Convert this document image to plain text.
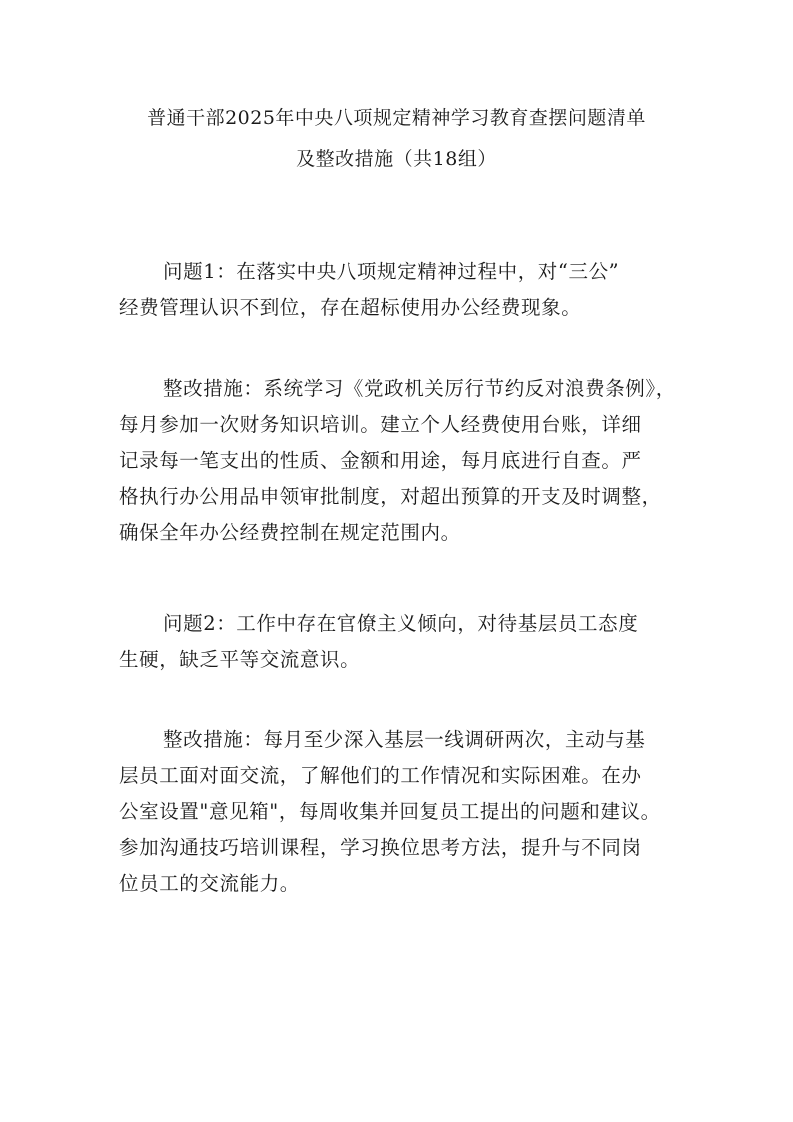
普通干部2025年中央八项规定精神学习教育查摆问题清单
及整改措施（共18组）
问题1：在落实中央八项规定精神过程中，对“三公”
经费管理认识不到位，存在超标使用办公经费现象。
整改措施：系统学习《党政机关厉行节约反对浪费条例》，
每月参加一次财务知识培训。建立个人经费使用台账，详细
记录每一笔支出的性质、金额和用途，每月底进行自查。严
格执行办公用品申领审批制度，对超出预算的开支及时调整，
确保全年办公经费控制在规定范围内。
问题2：工作中存在官僚主义倾向，对待基层员工态度
生硬，缺乏平等交流意识。
整改措施：每月至少深入基层一线调研两次，主动与基
层员工面对面交流，了解他们的工作情况和实际困难。在办
公室设置"意见箱"，每周收集并回复员工提出的问题和建议。
参加沟通技巧培训课程，学习换位思考方法，提升与不同岗
位员工的交流能力。
